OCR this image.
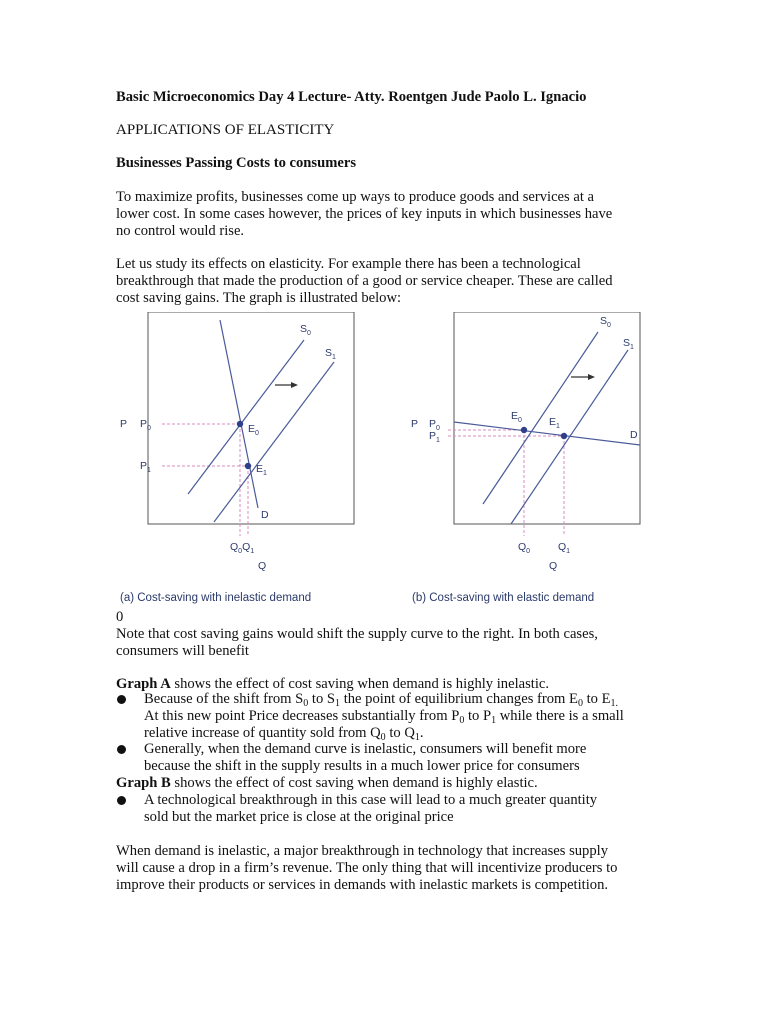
Basic Microeconomics Day 4 Lecture- Atty. Roentgen Jude Paolo L. Ignacio

APPLICATIONS OF ELASTICITY

Businesses Passing Costs to consumers

To maximize profits, businesses come up ways to produce goods and services at a

lower cost. In some cases however, the prices of key inputs in which businesses have

no control would rise.

Let us study its effects on elasticity. For example there has been a technological

breakthrough that made the production of a good or service cheaper. These are called

cost saving gains. The graph is illustrated below:

$S_0$
$S_1$
P $P_0$
$P_1$
$E_0$
$E_1$
D
$Q_0Q_1$
Q
(a) Cost-saving with inelastic demand
$S_0$
$S_1$
P $P_0$
$P_1$
$E_0$	$E_1$
D
$Q_0$	$Q_1$
Q
(b) Cost-saving with elastic demand

0

Note that cost saving gains would shift the supply curve to the right. In both cases,

consumers will benefit

Graph A shows the effect of cost saving when demand is highly inelastic.

Because of the shift from $S_0$ to $S_1$ the point of equilibrium changes from $E_0$ to $E_{1.}$

At this new point Price decreases substantially from $P_0$ to $P_1$ while there is a small

relative increase of quantity sold from $Q_0$ to $Q_1$.

Generally, when the demand curve is inelastic, consumers will benefit more

because the shift in the supply results in a much lower price for consumers

Graph B shows the effect of cost saving when demand is highly elastic.

A technological breakthrough in this case will lead to a much greater quantity

sold but the market price is close at the original price

When demand is inelastic, a major breakthrough in technology that increases supply

will cause a drop in a firm’s revenue. The only thing that will incentivize producers to

improve their products or services in demands with inelastic markets is competition.
